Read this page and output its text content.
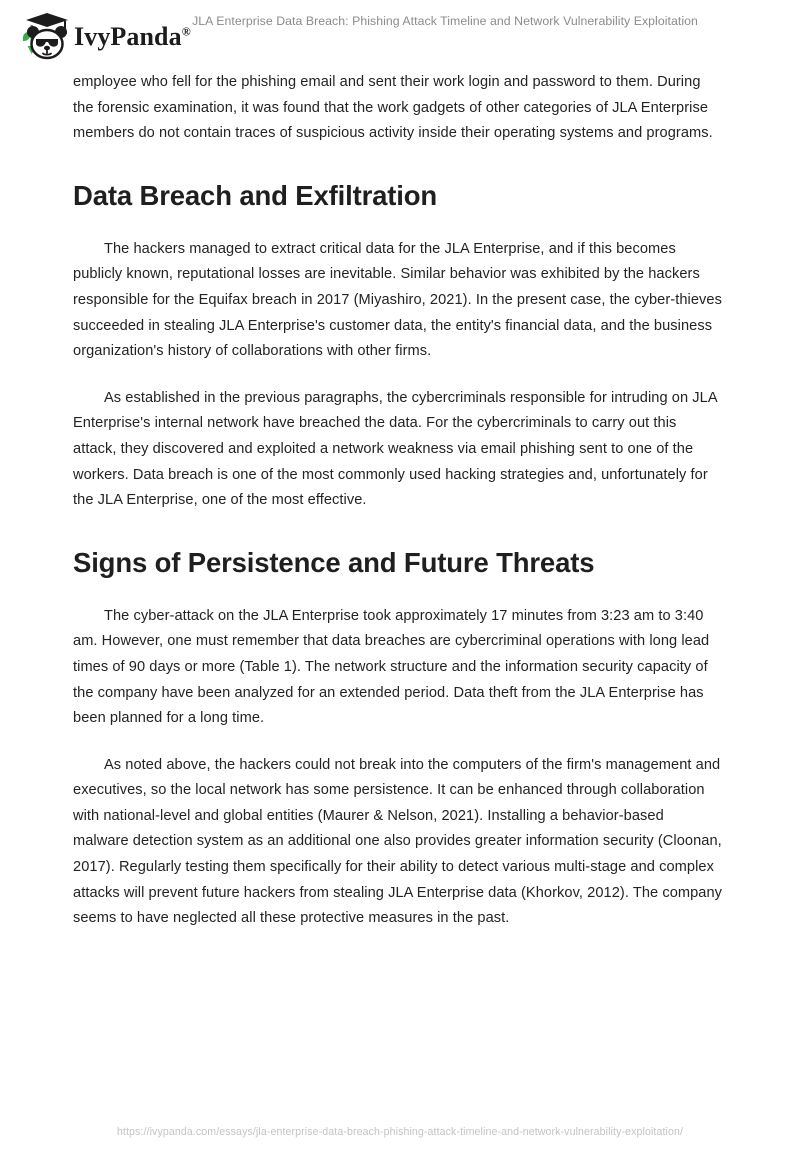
IvyPanda®
JLA Enterprise Data Breach: Phishing Attack Timeline and Network Vulnerability Exploitation

employee who fell for the phishing email and sent their work login and password to them. During the forensic examination, it was found that the work gadgets of other categories of JLA Enterprise members do not contain traces of suspicious activity inside their operating systems and programs.

Data Breach and Exfiltration

The hackers managed to extract critical data for the JLA Enterprise, and if this becomes publicly known, reputational losses are inevitable. Similar behavior was exhibited by the hackers responsible for the Equifax breach in 2017 (Miyashiro, 2021). In the present case, the cyber-thieves succeeded in stealing JLA Enterprise's customer data, the entity's financial data, and the business organization's history of collaborations with other firms.

As established in the previous paragraphs, the cybercriminals responsible for intruding on JLA Enterprise's internal network have breached the data. For the cybercriminals to carry out this attack, they discovered and exploited a network weakness via email phishing sent to one of the workers. Data breach is one of the most commonly used hacking strategies and, unfortunately for the JLA Enterprise, one of the most effective.

Signs of Persistence and Future Threats

The cyber-attack on the JLA Enterprise took approximately 17 minutes from 3:23 am to 3:40 am. However, one must remember that data breaches are cybercriminal operations with long lead times of 90 days or more (Table 1). The network structure and the information security capacity of the company have been analyzed for an extended period. Data theft from the JLA Enterprise has been planned for a long time.

As noted above, the hackers could not break into the computers of the firm's management and executives, so the local network has some persistence. It can be enhanced through collaboration with national-level and global entities (Maurer & Nelson, 2021). Installing a behavior-based malware detection system as an additional one also provides greater information security (Cloonan, 2017). Regularly testing them specifically for their ability to detect various multi-stage and complex attacks will prevent future hackers from stealing JLA Enterprise data (Khorkov, 2012). The company seems to have neglected all these protective measures in the past.

https://ivypanda.com/essays/jla-enterprise-data-breach-phishing-attack-timeline-and-network-vulnerability-exploitation/
